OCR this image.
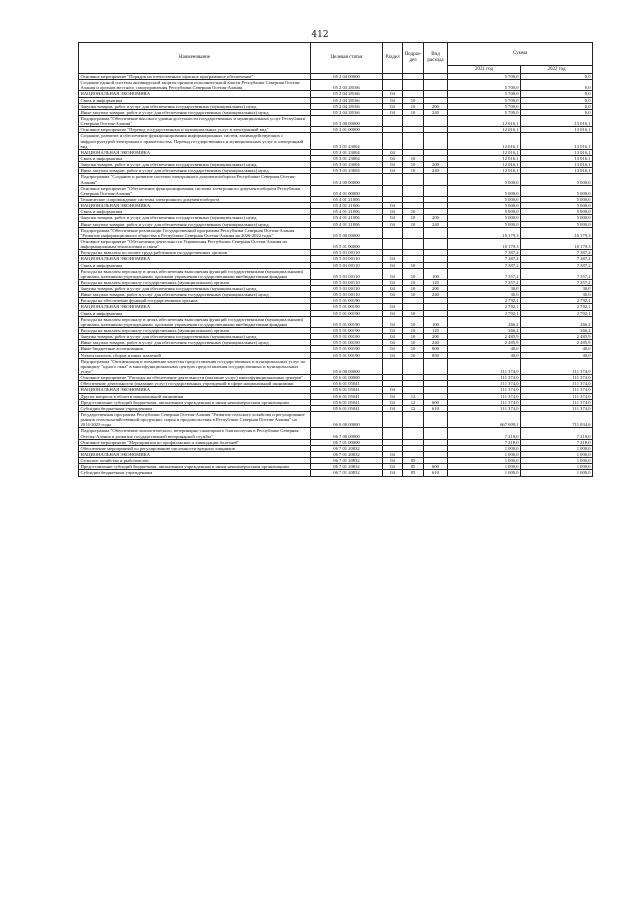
412
Наименование	Целевая статья	Раздел	Подраз-дел	Вид расхода	Сумма	
					2021 год	2022 год
Основное мероприятие "Порядок на отечественное офисное программное обеспечение"	05 2 04 00000				5 700,0	0,0
Создание единой системы антивирусной защиты органов исполнительной власти Республики Северная Осетия-Алания и органов местного самоуправления Республики Северная Осетия-Алания	05 2 04 28166				5 700,0	0,0
НАЦИОНАЛЬНАЯ ЭКОНОМИКА	05 2 04 28166	04			5 700,0	0,0
Связь и информатика	05 2 04 28166	04	10		5 700,0	0,0
Закупка товаров, работ и услуг для обеспечения государственных (муниципальных) нужд	05 2 04 28166	04	10	200	5 700,0	0,0
Иные закупки товаров, работ и услуг для обеспечения государственных (муниципальных) нужд	05 2 04 28166	04	10	240	5 700,0	0,0
Подпрограмма "Обеспечение высокого уровня доступности государственных и муниципальных услуг Республики Северная Осетия-Алания"	05 3 00 00000				12 016,1	13 016,1
Основное мероприятие "Перевод государственных и муниципальных услуг в электронный вид"	05 3 01 00000				12 016,1	13 016,1
Создание, развитие и обеспечение функционирования информационных систем, взаимодействующих с инфраструктурой электронного правительства. Перевод государственных и муниципальных услуг в электронный вид	05 3 01 23004				12 016,1	13 016,1
НАЦИОНАЛЬНАЯ ЭКОНОМИКА	05 3 01 23004	04			12 016,1	13 016,1
Связь и информатика	05 3 01 23004	04	10		12 016,1	13 016,1
Закупка товаров, работ и услуг для обеспечения государственных (муниципальных) нужд	05 3 01 23004	04	10	200	12 016,1	13 016,1
Иные закупки товаров, работ и услуг для обеспечения государственных (муниципальных) нужд	05 3 01 23004	04	10	240	12 016,1	13 016,1
Подпрограмма "Создание и развитие системы электронного документооборота Республики Северная Осетия-Алания"	05 4 00 00000				5 000,0	5 000,0
Основное мероприятие "Обеспечение функционирования системы электронного документооборота Республики Северная Осетия-Алания"	05 4 01 00000				5 000,0	5 000,0
Техническое сопровождение системы электронного документооборота	05 4 01 21006				5 000,0	5 000,0
НАЦИОНАЛЬНАЯ ЭКОНОМИКА	05 4 01 21006	04			5 000,0	5 000,0
Связь и информатика	05 4 01 21006	04	10		5 000,0	5 000,0
Закупка товаров, работ и услуг для обеспечения государственных (муниципальных) нужд	05 4 01 21006	04	10	200	5 000,0	5 000,0
Иные закупки товаров, работ и услуг для обеспечения государственных (муниципальных) нужд	05 4 01 21006	04	10	240	5 000,0	5 000,0
Подпрограмма "Обеспечение реализации Государственной программы Республики Северная Осетия-Алания "Развитие информационного общества в Республике Северная Осетия-Алания на 2020-2022 годы"	05 5 00 00000				10 179,3	10 179,3
Основное мероприятие "Обеспечение деятельности Управления Республики Северная Осетия-Алания по информационным технологиям и связи"	05 5 01 00000				10 179,3	10 179,3
Расходы на выплаты по оплате труда работников государственных органов	05 5 01 00110				7 387,2	7 387,2
НАЦИОНАЛЬНАЯ ЭКОНОМИКА	05 5 01 00110	04			7 387,2	7 387,2
Связь и информатика	05 5 01 00110	04	10		7 387,2	7 387,2
Расходы на выплаты персоналу в целях обеспечения выполнения функций государственными (муниципальными) органами, казенными учреждениями, органами управления государственными внебюджетными фондами	05 5 01 00110	04	10	100	7 357,2	7 357,2
Расходы на выплаты персоналу государственных (муниципальных) органов	05 5 01 00110	04	10	120	7 357,2	7 357,2
Закупка товаров, работ и услуг для обеспечения государственных (муниципальных) нужд	05 5 01 00110	04	10	200	30,0	30,0
Иные закупки товаров, работ и услуг для обеспечения государственных (муниципальных) нужд	05 5 01 00110	04	10	240	30,0	30,0
Расходы на обеспечение функций государственных органов	05 5 01 00190				2 792,1	2 792,1
НАЦИОНАЛЬНАЯ ЭКОНОМИКА	05 5 01 00190	04			2 792,1	2 792,1
Связь и информатика	05 5 01 00190	04	10		2 792,1	2 792,1
Расходы на выплаты персоналу в целях обеспечения выполнения функций государственными (муниципальными) органами, казенными учреждениями, органами управления государственными внебюджетными фондами	05 5 01 00190	04	10	100	266,2	266,2
Расходы на выплаты персоналу государственных (муниципальных) органов	05 5 01 00190	04	10	120	266,2	266,2
Закупка товаров, работ и услуг для обеспечения государственных (муниципальных) нужд	05 5 01 00190	04	10	200	2 485,9	2 485,9
Иные закупки товаров, работ и услуг для обеспечения государственных (муниципальных) нужд	05 5 01 00190	04	10	240	2 485,9	2 485,9
Иные бюджетные ассигнования	05 5 01 00190	04	10	800	40,0	40,0
Уплата налогов, сборов и иных платежей	05 5 01 00190	04	10	850	40,0	40,0
Подпрограмма "Оптимизация и повышение качества предоставления государственных и муниципальных услуг по принципу "одного окна" в многофункциональных центрах предоставления государственных и муниципальных услуг"	05 6 00 00000				111 374,0	111 374,0
Основное мероприятие "Расходы на обеспечение деятельности (оказание услуг) многофункциональных центров"	05 6 01 00000				111 374,0	111 374,0
Обеспечение деятельности (оказание услуг) государственных учреждений в сфере национальной экономики	05 6 01 05041				111 374,0	111 374,0
НАЦИОНАЛЬНАЯ ЭКОНОМИКА	05 6 01 05041	04			111 374,0	111 374,0
Другие вопросы в области национальной экономики	05 6 01 05041	04	12		111 374,0	111 374,0
Предоставление субсидий бюджетным, автономным учреждениям и иным некоммерческим организациям	05 6 01 05041	04	12	600	111 374,0	111 374,0
Субсидии бюджетным учреждениям	05 6 01 05041	04	12	610	111 374,0	111 374,0
Государственная программа Республики Северная Осетия-Алания "Развитие сельского хозяйства и регулирование рынков сельскохозяйственной продукции, сырья и продовольствия в Республике Северная Осетия-Алания" на 2014-2025 годы	06 0 00 00000				667 009,1	711 034,6
Подпрограмма "Обеспечение эпизоотического, ветеринарно-санитарного благополучия в Республике Северная Осетия-Алания и развитие государственной ветеринарной службы"	06 7 00 00000				7 218,0	7 218,0
Основное мероприятие "Мероприятия по профилактике и ликвидации болезней"	06 7 01 00000				7 218,0	7 218,0
Обеспечение мероприятий по регулированию численности вредных хищников	06 7 01 20832				1 000,0	1 000,0
НАЦИОНАЛЬНАЯ ЭКОНОМИКА	06 7 01 20832	04			1 000,0	1 000,0
Сельское хозяйство и рыболовство	06 7 01 20832	04	05		1 000,0	1 000,0
Предоставление субсидий бюджетным, автономным учреждениям и иным некоммерческим организациям	06 7 01 20832	04	05	600	1 000,0	1 000,0
Субсидии бюджетным учреждениям	06 7 01 20832	04	05	610	1 000,0	1 000,0
